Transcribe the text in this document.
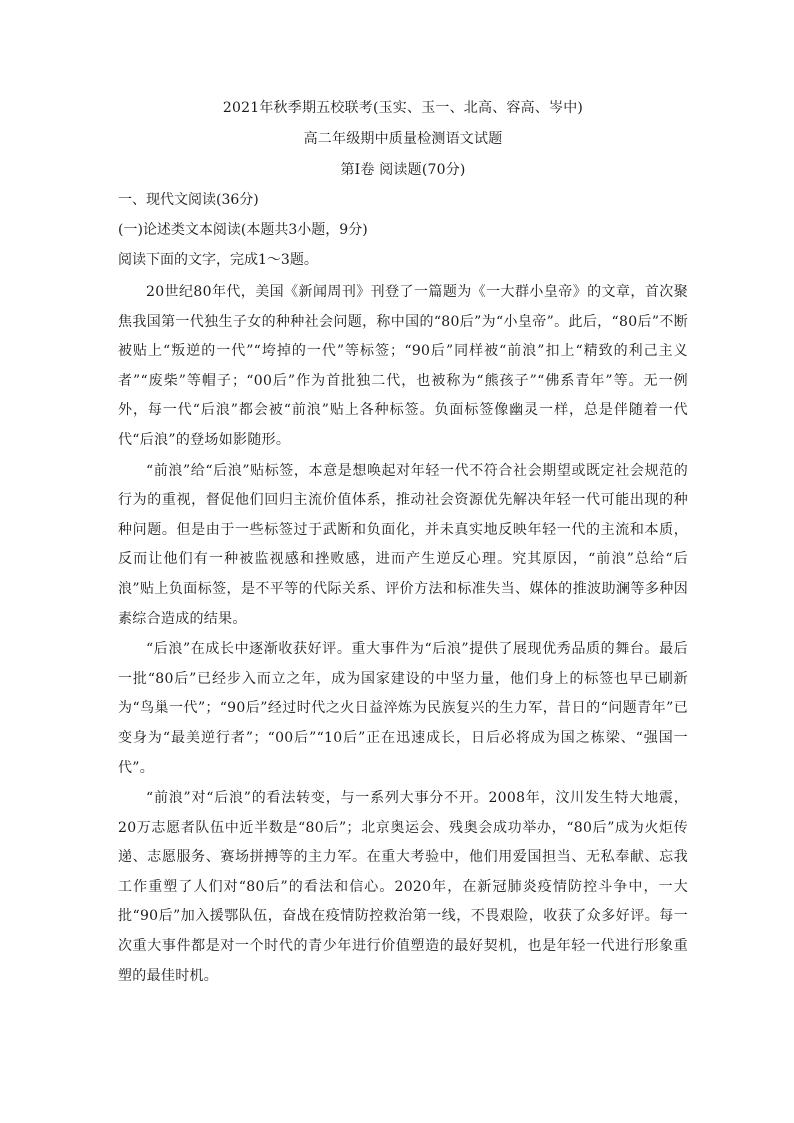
2021年秋季期五校联考(玉实、玉一、北高、容高、岑中)
高二年级期中质量检测语文试题
第Ⅰ卷 阅读题(70分)
一、现代文阅读(36分)
(一)论述类文本阅读(本题共3小题，9分)
阅读下面的文字，完成1～3题。

20世纪80年代，美国《新闻周刊》刊登了一篇题为《一大群小皇帝》的文章，首次聚焦我国第一代独生子女的种种社会问题，称中国的“80后”为“小皇帝”。此后，“80后”不断被贴上“叛逆的一代”“垮掉的一代”等标签；“90后”同样被“前浪”扣上“精致的利己主义者”“废柴”等帽子；“00后”作为首批独二代，也被称为“熊孩子”“佛系青年”等。无一例外，每一代“后浪”都会被“前浪”贴上各种标签。负面标签像幽灵一样，总是伴随着一代代“后浪”的登场如影随形。

“前浪”给“后浪”贴标签，本意是想唤起对年轻一代不符合社会期望或既定社会规范的行为的重视，督促他们回归主流价值体系，推动社会资源优先解决年轻一代可能出现的种种问题。但是由于一些标签过于武断和负面化，并未真实地反映年轻一代的主流和本质，反而让他们有一种被监视感和挫败感，进而产生逆反心理。究其原因，“前浪”总给“后浪”贴上负面标签，是不平等的代际关系、评价方法和标准失当、媒体的推波助澜等多种因素综合造成的结果。

“后浪”在成长中逐渐收获好评。重大事件为“后浪”提供了展现优秀品质的舞台。最后一批“80后”已经步入而立之年，成为国家建设的中坚力量，他们身上的标签也早已刷新为“鸟巢一代”；“90后”经过时代之火日益淬炼为民族复兴的生力军，昔日的“问题青年”已变身为“最美逆行者”；“00后”“10后”正在迅速成长，日后必将成为国之栋梁、“强国一代”。

“前浪”对“后浪”的看法转变，与一系列大事分不开。2008年，汶川发生特大地震，20万志愿者队伍中近半数是“80后”；北京奥运会、残奥会成功举办，“80后”成为火炬传递、志愿服务、赛场拼搏等的主力军。在重大考验中，他们用爱国担当、无私奉献、忘我工作重塑了人们对“80后”的看法和信心。2020年，在新冠肺炎疫情防控斗争中，一大批“90后”加入援鄂队伍，奋战在疫情防控救治第一线，不畏艰险，收获了众多好评。每一次重大事件都是对一个时代的青少年进行价值塑造的最好契机，也是年轻一代进行形象重塑的最佳时机。
